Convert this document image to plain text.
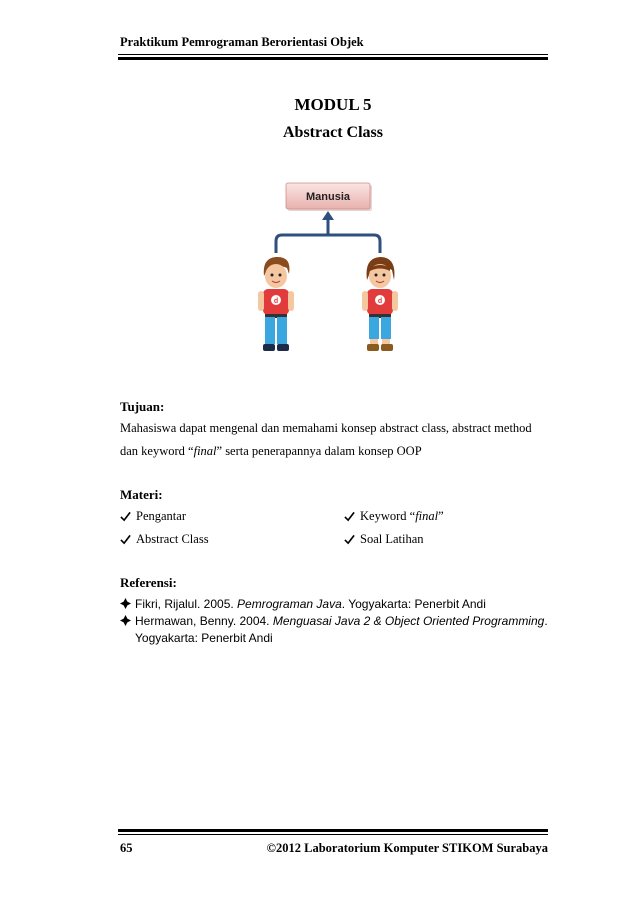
Praktikum Pemrograman Berorientasi Objek
MODUL 5
Abstract Class
Manusia
d	d
Tujuan:
Mahasiswa dapat mengenal dan memahami konsep abstract class, abstract method
dan keyword “final” serta penerapannya dalam konsep OOP
Materi:
Pengantar
Abstract Class
Keyword “final”
Soal Latihan
Referensi:
Fikri, Rijalul. 2005. Pemrograman Java. Yogyakarta: Penerbit Andi
Hermawan, Benny. 2004. Menguasai Java 2 & Object Oriented Programming.
Yogyakarta: Penerbit Andi
65	©2012 Laboratorium Komputer STIKOM Surabaya
